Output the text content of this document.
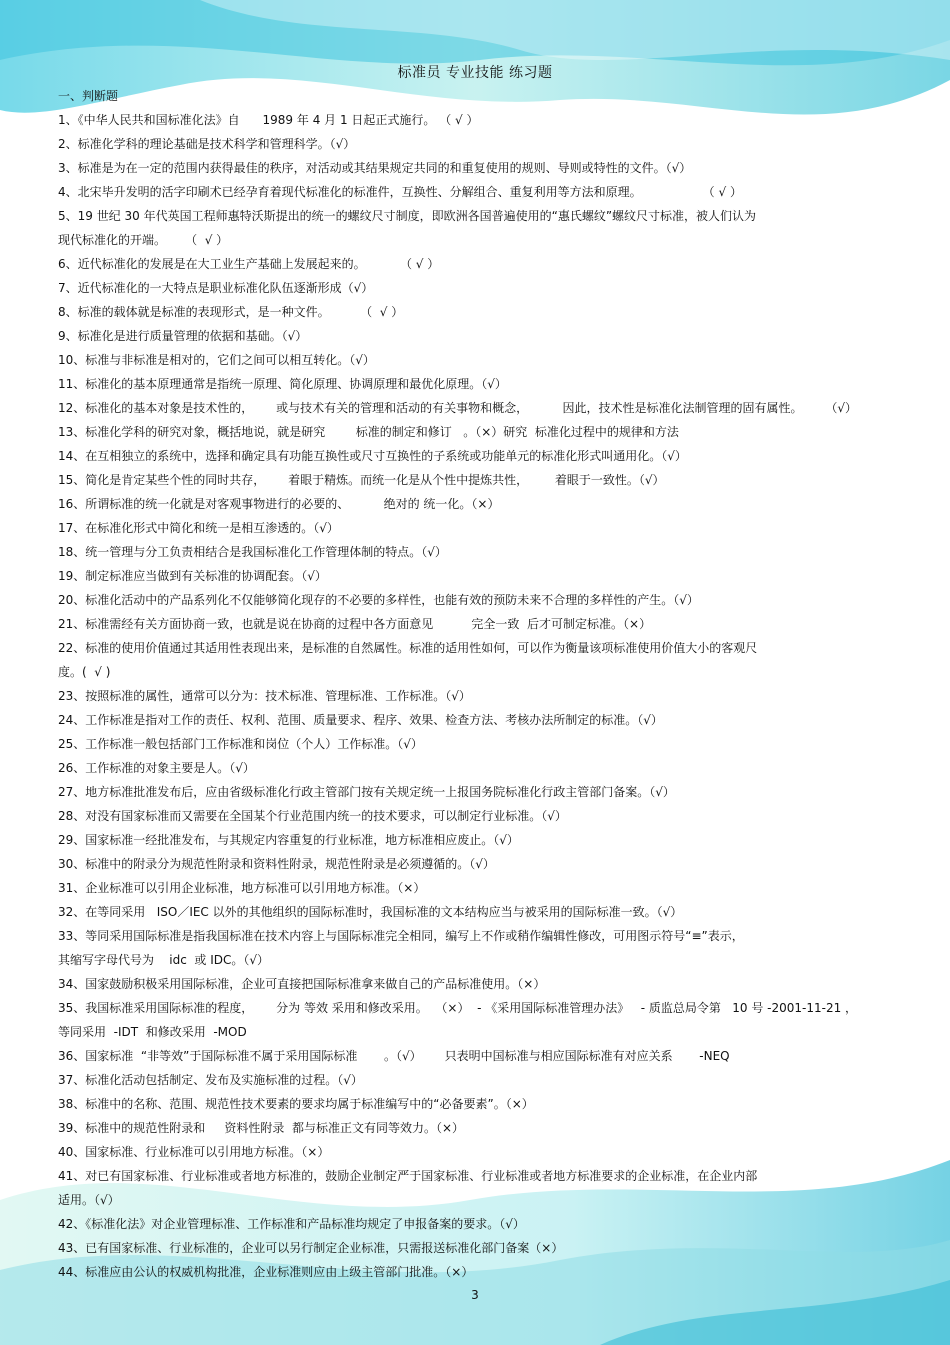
标准员 专业技能 练习题
一、判断题
1、《中华人民共和国标准化法》自      1989 年 4 月 1 日起正式施行。 （ √ ）
2、标准化学科的理论基础是技术科学和管理科学。（√）
3、标准是为在一定的范围内获得最佳的秩序，对活动或其结果规定共同的和重复使用的规则、导则或特性的文件。（√）
4、北宋毕升发明的活字印刷术已经孕育着现代标准化的标准件，互换性、分解组合、重复利用等方法和原理。                （ √ ）
5、19 世纪 30 年代英国工程师惠特沃斯提出的统一的螺纹尺寸制度，即欧洲各国普遍使用的“惠氏螺纹”螺纹尺寸标准，被人们认为
现代标准化的开端。     （  √ ）
6、近代标准化的发展是在大工业生产基础上发展起来的。         （ √ ）
7、近代标准化的一大特点是职业标准化队伍逐渐形成（√）
8、标准的载体就是标准的表现形式，是一种文件。        （  √ ）
9、标准化是进行质量管理的依据和基础。（√）
10、标准与非标准是相对的，它们之间可以相互转化。（√）
11、标准化的基本原理通常是指统一原理、简化原理、协调原理和最优化原理。（√）
12、标准化的基本对象是技术性的，      或与技术有关的管理和活动的有关事物和概念，         因此，技术性是标准化法制管理的固有属性。      （√）
13、标准化学科的研究对象，概括地说，就是研究        标准的制定和修订   。（×）研究  标准化过程中的规律和方法
14、在互相独立的系统中，选择和确定具有功能互换性或尺寸互换性的子系统或功能单元的标准化形式叫通用化。（√）
15、简化是肯定某些个性的同时共存，      着眼于精炼。而统一化是从个性中提炼共性，       着眼于一致性。（√）
16、所谓标准的统一化就是对客观事物进行的必要的、         绝对的 统一化。（×）
17、在标准化形式中简化和统一是相互渗透的。（√）
18、统一管理与分工负责相结合是我国标准化工作管理体制的特点。（√）
19、制定标准应当做到有关标准的协调配套。（√）
20、标准化活动中的产品系列化不仅能够简化现存的不必要的多样性，也能有效的预防未来不合理的多样性的产生。（√）
21、标准需经有关方面协商一致，也就是说在协商的过程中各方面意见          完全一致  后才可制定标准。（×）
22、标准的使用价值通过其适用性表现出来，是标准的自然属性。标准的适用性如何，可以作为衡量该项标准使用价值大小的客观尺
度。(  √ )
23、按照标准的属性，通常可以分为：技术标准、管理标准、工作标准。（√）
24、工作标准是指对工作的责任、权利、范围、质量要求、程序、效果、检查方法、考核办法所制定的标准。（√）
25、工作标准一般包括部门工作标准和岗位（个人）工作标准。（√）
26、工作标准的对象主要是人。（√）
27、地方标准批准发布后，应由省级标准化行政主管部门按有关规定统一上报国务院标准化行政主管部门备案。（√）
28、对没有国家标准而又需要在全国某个行业范围内统一的技术要求，可以制定行业标准。（√）
29、国家标准一经批准发布，与其规定内容重复的行业标准，地方标准相应废止。（√）
30、标准中的附录分为规范性附录和资料性附录，规范性附录是必须遵循的。（√）
31、企业标准可以引用企业标准，地方标准可以引用地方标准。（×）
32、在等同采用   ISO／IEC 以外的其他组织的国际标准时，我国标准的文本结构应当与被采用的国际标准一致。（√）
33、等同采用国际标准是指我国标准在技术内容上与国际标准完全相同，编写上不作或稍作编辑性修改，可用图示符号“≡”表示，
其缩写字母代号为    idc  或 IDC。（√）
34、国家鼓励积极采用国际标准，企业可直接把国际标准拿来做自己的产品标准使用。（×）
35、我国标准采用国际标准的程度，      分为 等效 采用和修改采用。  （×）  - 《采用国际标准管理办法》   - 质监总局令第   10 号 -2001-11-21 ，
等同采用  -IDT  和修改采用  -MOD
36、国家标准  “非等效”于国际标准不属于采用国际标准       。（√）      只表明中国标准与相应国际标准有对应关系       -NEQ
37、标准化活动包括制定、发布及实施标准的过程。（√）
38、标准中的名称、范围、规范性技术要素的要求均属于标准编写中的“必备要素”。（×）
39、标准中的规范性附录和     资料性附录  都与标准正文有同等效力。（×）
40、国家标准、行业标准可以引用地方标准。（×）
41、对已有国家标准、行业标准或者地方标准的，鼓励企业制定严于国家标准、行业标准或者地方标准要求的企业标准，在企业内部
适用。（√）
42、《标准化法》对企业管理标准、工作标准和产品标准均规定了申报备案的要求。（√）
43、已有国家标准、行业标准的，企业可以另行制定企业标准，只需报送标准化部门备案（×）
44、标准应由公认的权威机构批准，企业标准则应由上级主管部门批准。（×）
3
